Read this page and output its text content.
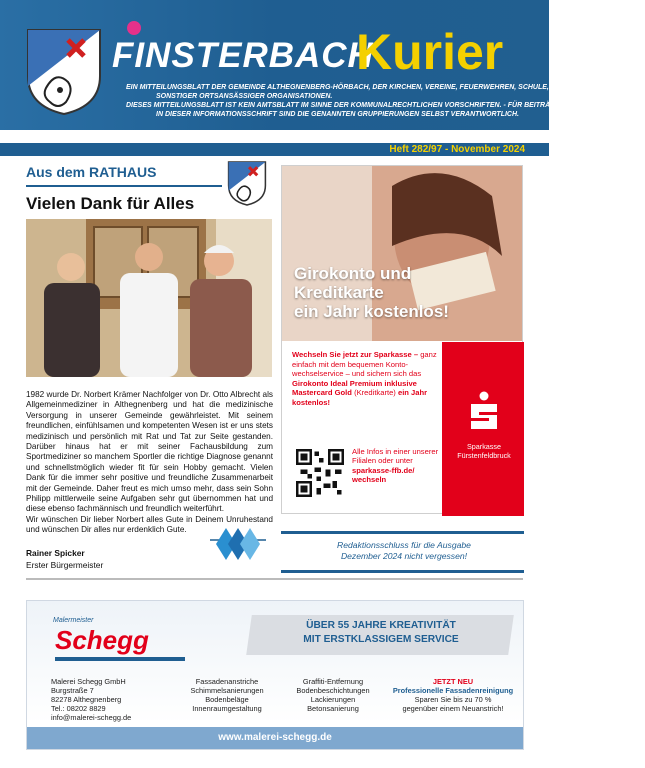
FINSTERBACH
Kurier
EIN MITTEILUNGSBLATT DER GEMEINDE ALTHEGNENBERG-HÖRBACH, DER KIRCHEN, VEREINE, FEUERWEHREN, SCHULE, DES KINDERGARTENS UND
SONSTIGER ORTSANSÄSSIGER ORGANISATIONEN.
DIESES MITTEILUNGSBLATT IST KEIN AMTSBLATT IM SINNE DER KOMMUNALRECHTLICHEN VORSCHRIFTEN. - FÜR BEITRÄGE (TEXT UND BILD)
IN DIESER INFORMATIONSSCHRIFT SIND DIE GENANNTEN GRUPPIERUNGEN SELBST VERANTWORTLICH.
Heft 282/97 - November 2024
Aus dem RATHAUS
Vielen Dank für Alles

1982 wurde Dr. Norbert Krämer Nachfolger von Dr. Otto Albrecht als Allgemeinmediziner in Althegnenberg und hat die medizinische Versorgung in unserer Gemeinde gewährleistet. Mit seinem freundlichen, einfühlsamen und kompetenten Wesen ist er uns stets medizinisch und persönlich mit Rat und Tat zur Seite gestanden. Darüber hinaus hat er mit seiner Fachausbildung zum Sportmediziner so manchem Sportler die richtige Diagnose genannt und schnellstmöglich wieder fit für sein Hobby gemacht. Vielen Dank für die immer sehr positive und freundliche Zusammenarbeit mit der Gemeinde. Daher freut es mich umso mehr, dass sein Sohn Philipp mittlerweile seine Aufgaben sehr gut übernommen hat und diese ebenso fachmännisch und freundlich weiterführt.

Wir wünschen Dir lieber Norbert alles Gute in Deinem Unruhestand und wünschen Dir alles nur erdenklich Gute.

Rainer Spicker
Erster Bürgermeister
Girokonto und
Kreditkarte
ein Jahr kostenlos!
Wechseln Sie jetzt zur Sparkasse – ganz einfach mit dem bequemen Konto-wechselservice – und sichern sich das Girokonto Ideal Premium inklusive Mastercard Gold (Kreditkarte) ein Jahr kostenlos!
Alle Infos in einer unserer Filialen oder unter sparkasse-ffb.de/ wechseln
Sparkasse
Fürstenfeldbruck
Redaktionsschluss für die Ausgabe
Dezember 2024 nicht vergessen!
Malermeister
Schegg	ÜBER 55 JAHRE KREATIVITÄT
MIT ERSTKLASSIGEM SERVICE
Malerei Schegg GmbH
Burgstraße 7
82278 Althegnenberg
Tel.: 08202 8829
info@malerei-schegg.de
Fassadenanstriche
Schimmelsanierungen
Bodenbeläge
Innenraumgestaltung
Graffiti-Entfernung
Bodenbeschichtungen
Lackierungen
Betonsanierung
JETZT NEU
Professionelle Fassadenreinigung
Sparen Sie bis zu 70 %
gegenüber einem Neuanstrich!
www.malerei-schegg.de
